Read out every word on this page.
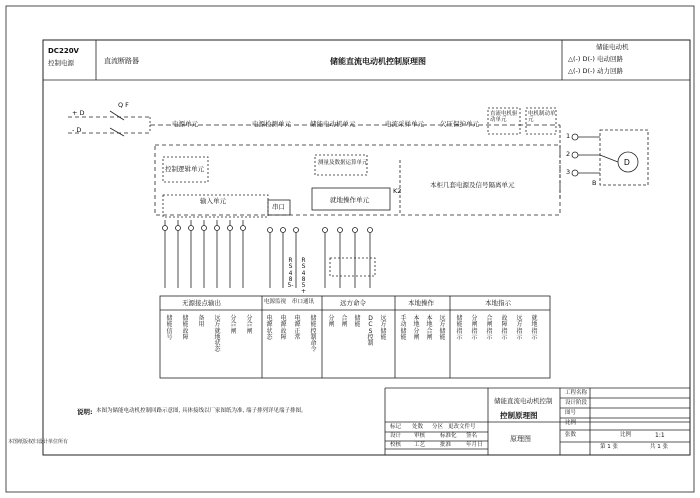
D
DC220V
控制电源	直流断路器	储能直流电动机控制原理图
储能电动机
△(-) D(-) 电动回路
△(-) D(-) 动力回路
+ D
- D
Q F
电源单元	电源检测单元	储能电动机单元	电流采样单元 欠压保护单元
直流电机驱动单元
电机制动单元
控制逻辑单元
测量及数据运算单元
输入单元
串口
就地操作单元
本柜几套电源及信号隔离单元
K2
RS485-
RS485+
1
2
3
B
无源接点输出	电源监视 串口通讯	远方命令	本地操作	本地指示
储能信号
储能故障
备用
远方就地状态
分合闸
分合闸
电源状态
电源故障
电源正常
储能控制命令
分闸
合闸
储能
DCS控制
远方储能
手动储能
本地分闸
本地合闸
远方储能
储能指示
分闸指示
合闸指示
故障指示
远方指示
就地指示
说明: 本图为储能电动机控制回路示意图, 具体接线以厂家图纸为准, 端子排列详见端子排图。
本图纸版权归设计单位所有
标记 处数 分区 更改文件号
设计
校核
审核
工艺
标准化
批准
签名
年月日
储能直流电动机控制
控制原理图
原理图
工程名称
设计阶段
图号
比例
张数	比例	1:1
第 1 张	共 1 张
